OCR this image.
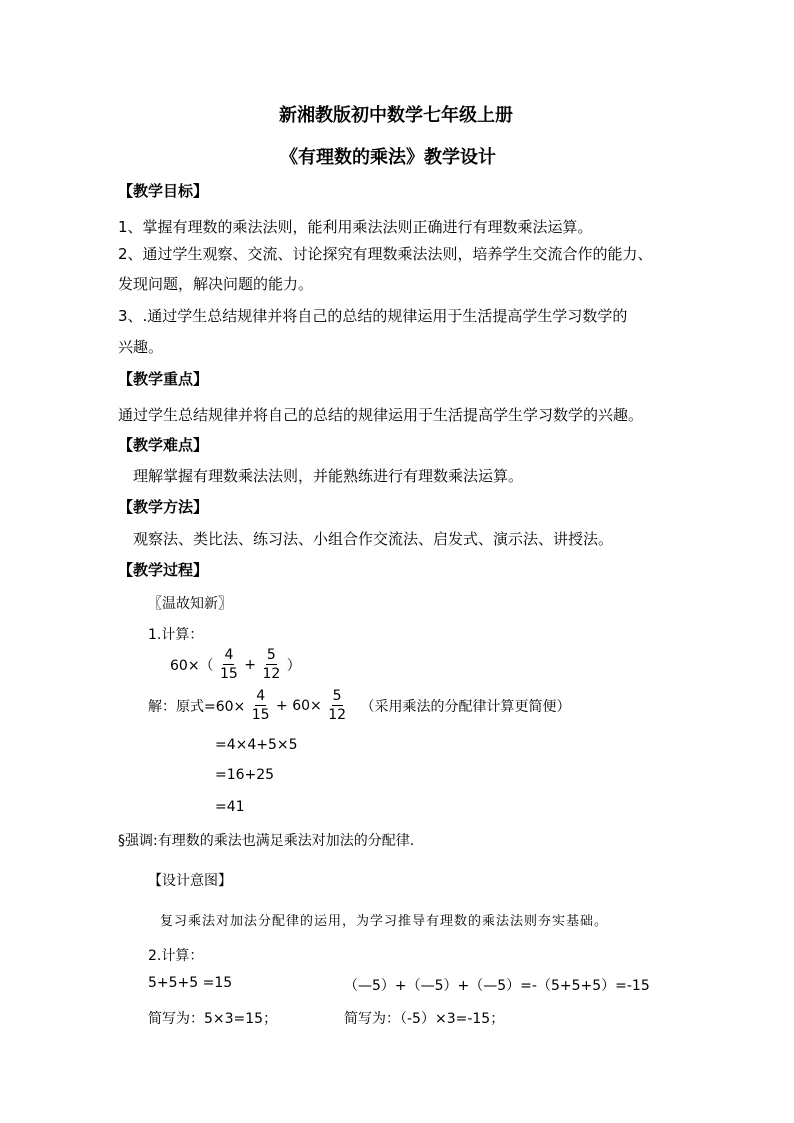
新湘教版初中数学七年级上册
《有理数的乘法》教学设计
【教学目标】
1、掌握有理数的乘法法则，能利用乘法法则正确进行有理数乘法运算。
2、通过学生观察、交流、讨论探究有理数乘法法则，培养学生交流合作的能力、
发现问题，解决问题的能力。
3、.通过学生总结规律并将自己的总结的规律运用于生活提高学生学习数学的
兴趣。
【教学重点】
通过学生总结规律并将自己的总结的规律运用于生活提高学生学习数学的兴趣。
【教学难点】
理解掌握有理数乘法法则，并能熟练进行有理数乘法运算。
【教学方法】
观察法、类比法、练习法、小组合作交流法、启发式、演示法、讲授法。
【教学过程】
〖温故知新〗
1.计算：
$60\times( \frac{4}{15} + \frac{5}{12}$ ）
解：原式$=60\times \frac{4}{15} + 60\times \frac{5}{12}$ （采用乘法的分配律计算更简便）
=4×4+5×5
=16+25
=41
§强调:有理数的乘法也满足乘法对加法的分配律.
【设计意图】
复习乘法对加法分配律的运用，为学习推导有理数的乘法法则夯实基础。
2.计算：
5+5+5 =15	（—5）+（—5）+（—5）=-（5+5+5）=-15
简写为：5×3=15；	简写为：（-5）×3=-15；
